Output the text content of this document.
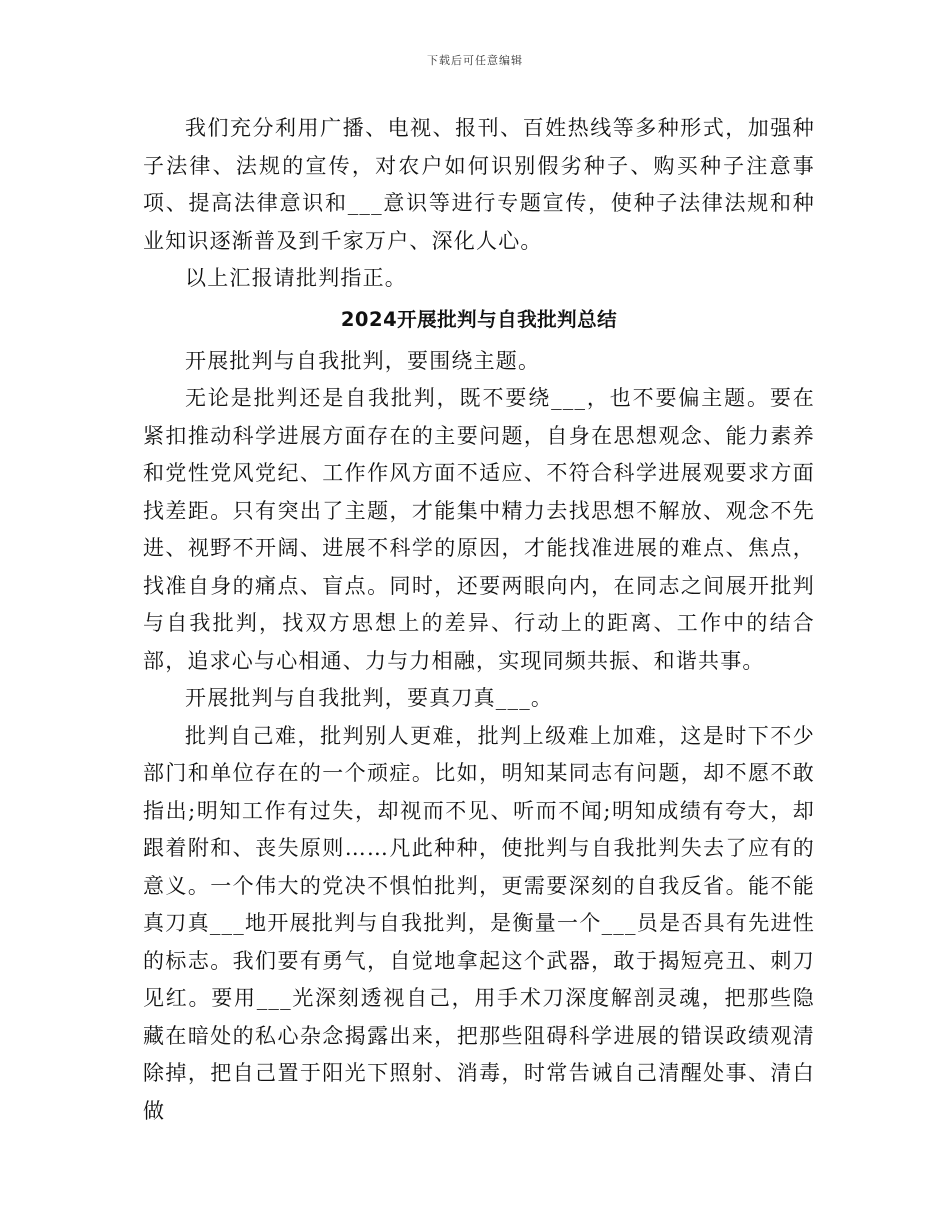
下载后可任意编辑

我们充分利用广播、电视、报刊、百姓热线等多种形式，加强种子法律、法规的宣传，对农户如何识别假劣种子、购买种子注意事项、提高法律意识和___意识等进行专题宣传，使种子法律法规和种业知识逐渐普及到千家万户、深化人心。

以上汇报请批判指正。

2024开展批判与自我批判总结

开展批判与自我批判，要围绕主题。

无论是批判还是自我批判，既不要绕___，也不要偏主题。要在紧扣推动科学进展方面存在的主要问题，自身在思想观念、能力素养和党性党风党纪、工作作风方面不适应、不符合科学进展观要求方面找差距。只有突出了主题，才能集中精力去找思想不解放、观念不先进、视野不开阔、进展不科学的原因，才能找准进展的难点、焦点，找准自身的痛点、盲点。同时，还要两眼向内，在同志之间展开批判与自我批判，找双方思想上的差异、行动上的距离、工作中的结合部，追求心与心相通、力与力相融，实现同频共振、和谐共事。

开展批判与自我批判，要真刀真___。

批判自己难，批判别人更难，批判上级难上加难，这是时下不少部门和单位存在的一个顽症。比如，明知某同志有问题，却不愿不敢指出;明知工作有过失，却视而不见、听而不闻;明知成绩有夸大，却跟着附和、丧失原则……凡此种种，使批判与自我批判失去了应有的意义。一个伟大的党决不惧怕批判，更需要深刻的自我反省。能不能真刀真___地开展批判与自我批判，是衡量一个___员是否具有先进性的标志。我们要有勇气，自觉地拿起这个武器，敢于揭短亮丑、刺刀见红。要用___光深刻透视自己，用手术刀深度解剖灵魂，把那些隐藏在暗处的私心杂念揭露出来，把那些阻碍科学进展的错误政绩观清除掉，把自己置于阳光下照射、消毒，时常告诫自己清醒处事、清白做
